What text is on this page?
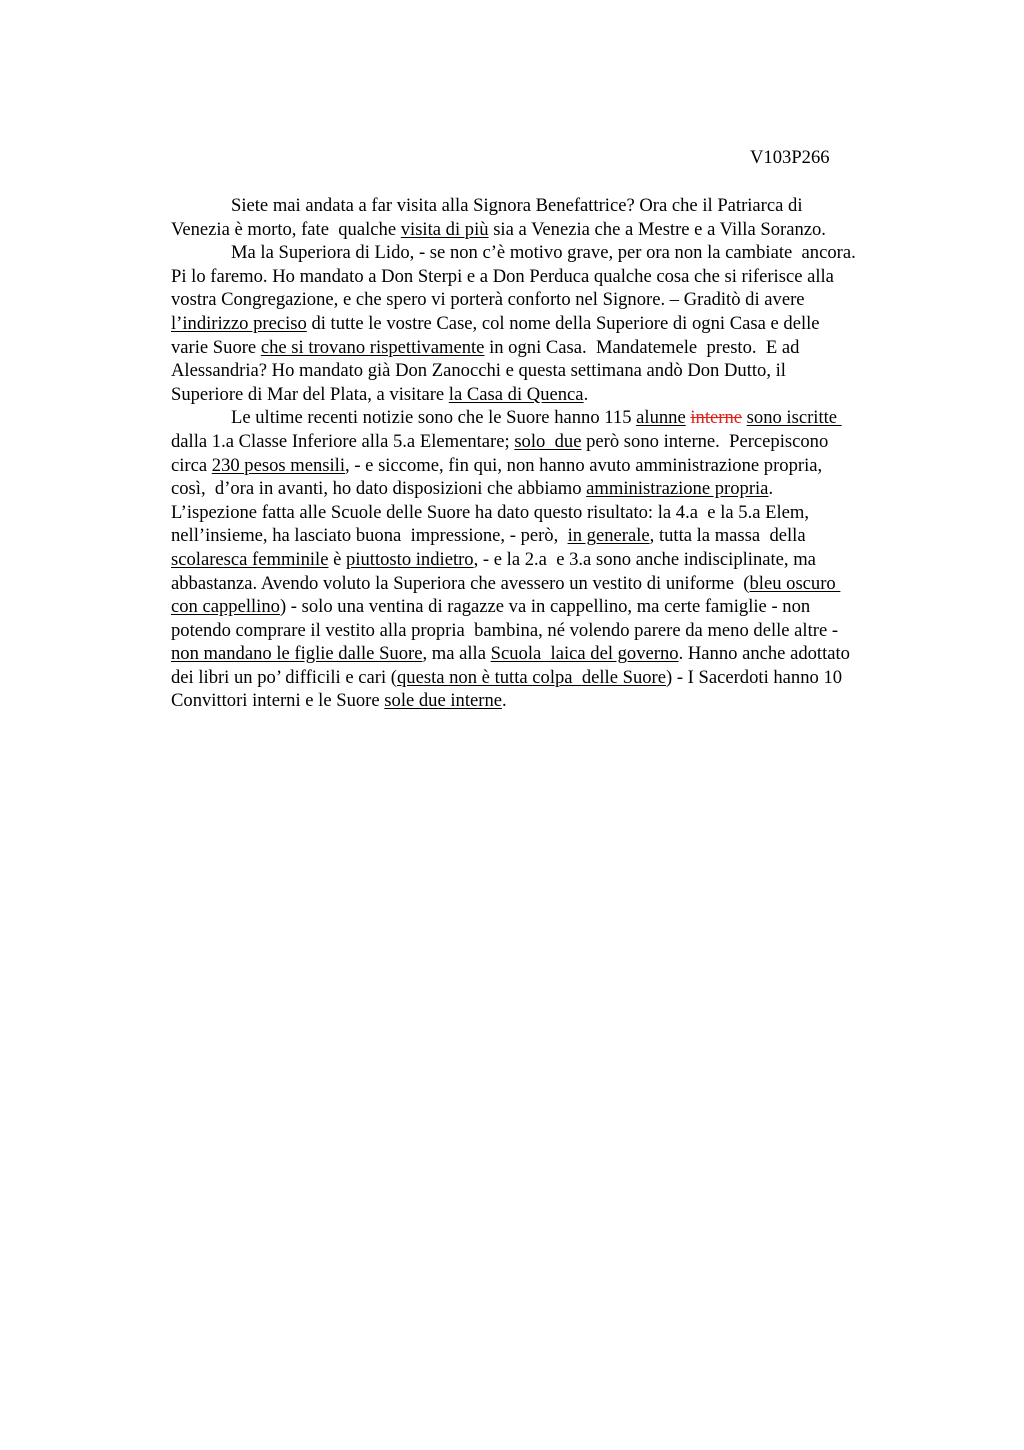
V103P266
Siete mai andata a far visita alla Signora Benefattrice? Ora che il Patriarca di
Venezia è morto, fate  qualche visita di più sia a Venezia che a Mestre e a Villa Soranzo.
Ma la Superiora di Lido, - se non c’è motivo grave, per ora non la cambiate  ancora.
Pi lo faremo. Ho mandato a Don Sterpi e a Don Perduca qualche cosa che si riferisce alla
vostra Congregazione, e che spero vi porterà conforto nel Signore. – Graditò di avere
l’indirizzo preciso di tutte le vostre Case, col nome della Superiore di ogni Casa e delle
varie Suore che si trovano rispettivamente in ogni Casa.  Mandatemele  presto.  E ad
Alessandria? Ho mandato già Don Zanocchi e questa settimana andò Don Dutto, il
Superiore di Mar del Plata, a visitare la Casa di Quenca.
Le ultime recenti notizie sono che le Suore hanno 115 alunne interne sono iscritte
dalla 1.a Classe Inferiore alla 5.a Elementare; solo  due però sono interne.  Percepiscono
circa 230 pesos mensili, - e siccome, fin qui, non hanno avuto amministrazione propria,
così,  d’ora in avanti, ho dato disposizioni che abbiamo amministrazione propria.
L’ispezione fatta alle Scuole delle Suore ha dato questo risultato: la 4.a  e la 5.a Elem,
nell’insieme, ha lasciato buona  impressione, - però,  in generale, tutta la massa  della
scolaresca femminile è piuttosto indietro, - e la 2.a  e 3.a sono anche indisciplinate, ma
abbastanza. Avendo voluto la Superiora che avessero un vestito di uniforme  (bleu oscuro
con cappellino) - solo una ventina di ragazze va in cappellino, ma certe famiglie - non
potendo comprare il vestito alla propria  bambina, né volendo parere da meno delle altre -
non mandano le figlie dalle Suore, ma alla Scuola  laica del governo. Hanno anche adottato
dei libri un po’ difficili e cari (questa non è tutta colpa  delle Suore) - I Sacerdoti hanno 10
Convittori interni e le Suore sole due interne.
